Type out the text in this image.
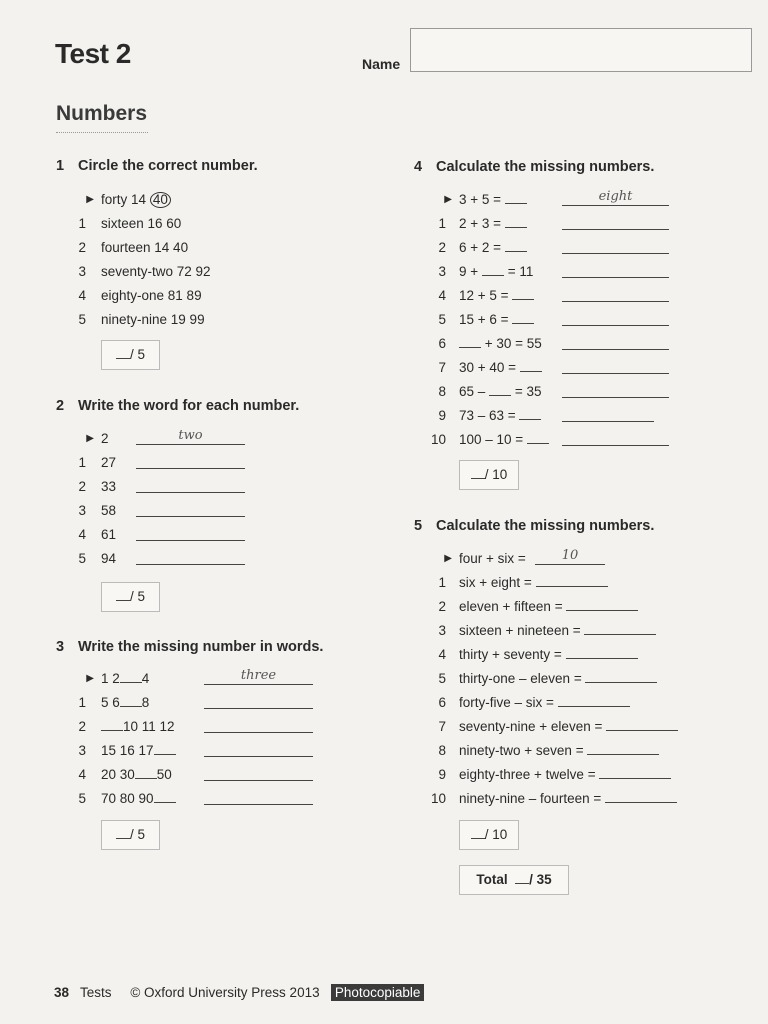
Test 2	Name
Numbers
1 Circle the correct number.
▶ forty 14 40
1 sixteen 16 60
2 fourteen 14 40
3 seventy-two 72 92
4 eighty-one 81 89
5 ninety-nine 19 99
/ 5
2 Write the word for each number.
▶ 2	two
1 27
2 33
3 58
4 61
5 94
/ 5
3 Write the missing number in words.
▶ 1 2 4	three
1 5 6 8
2	10 11 12
3 15 16 17
4 20 30 50
5 70 80 90
/ 5
4 Calculate the missing numbers.
▶ 3 + 5 =	eight
1 2 + 3 =
2 6 + 2 =
3 9 + = 11
4 12 + 5 =
5 15 + 6 =
6	+ 30 = 55
7 30 + 40 =
8 65 – = 35
9 73 – 63 =
10 100 – 10 =
/ 10
5 Calculate the missing numbers.
▶ four + six =	10
1 six + eight =
2 eleven + fifteen =
3 sixteen + nineteen =
4 thirty + seventy =
5 thirty-one – eleven =
6 forty-five – six =
7 seventy-nine + eleven =
8 ninety-two + seven =
9 eighty-three + twelve =
10 ninety-nine – fourteen =
/ 10
Total / 35
38 Tests © Oxford University Press 2013 Photocopiable
